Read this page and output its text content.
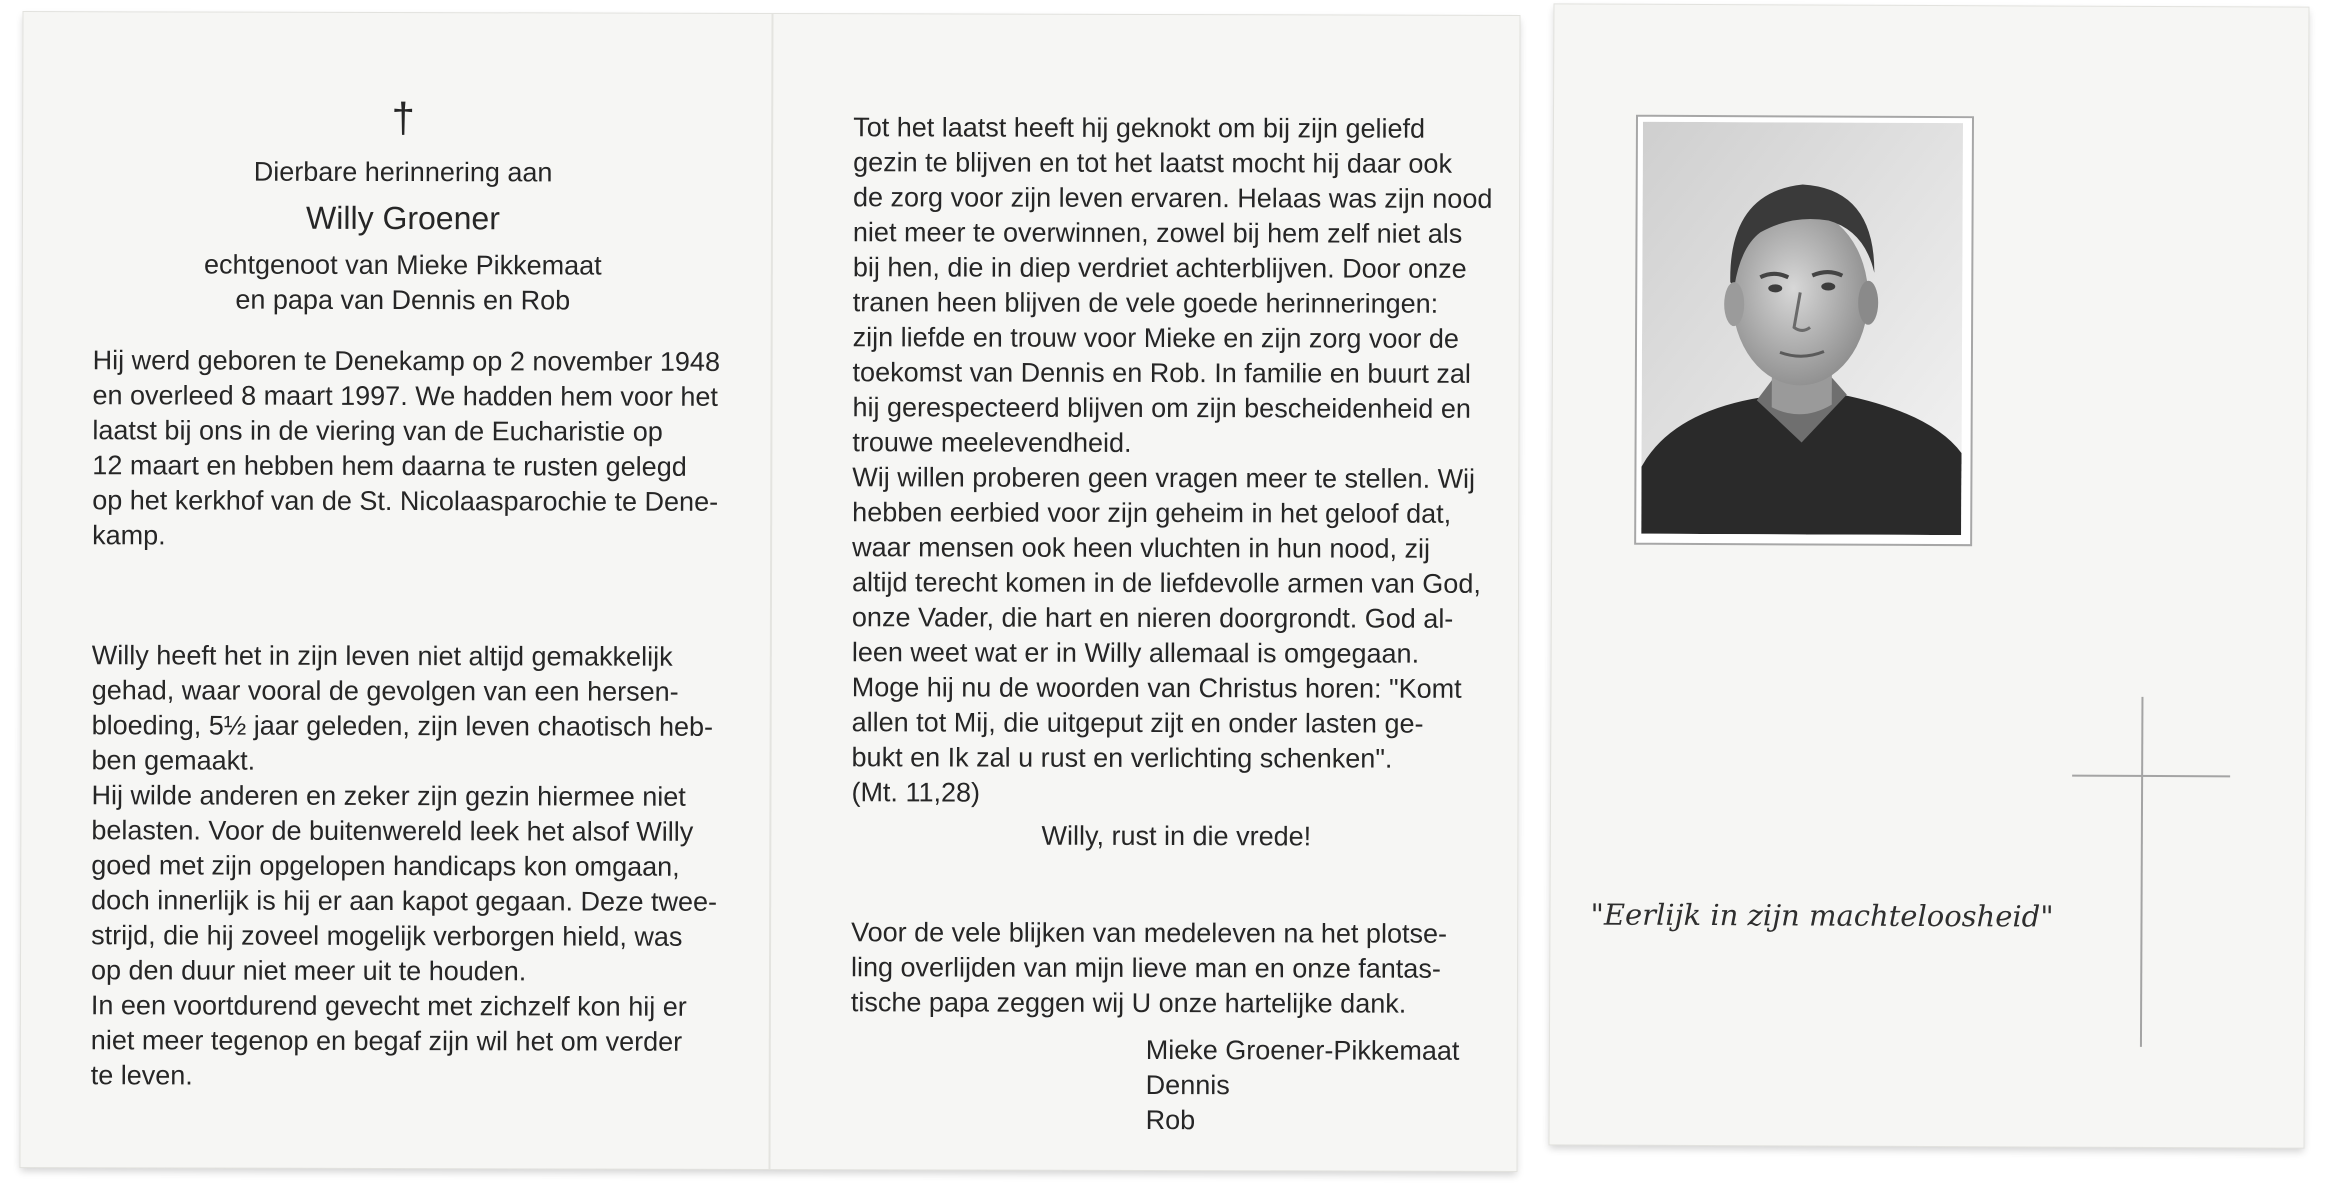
†
Dierbare herinnering aan
Willy Groener
echtgenoot van Mieke Pikkemaat
en papa van Dennis en Rob
Hij werd geboren te Denekamp op 2 november 1948
en overleed 8 maart 1997. We hadden hem voor het
laatst bij ons in de viering van de Eucharistie op
12 maart en hebben hem daarna te rusten gelegd
op het kerkhof van de St. Nicolaasparochie te Dene-
kamp.
Willy heeft het in zijn leven niet altijd gemakkelijk
gehad, waar vooral de gevolgen van een hersen-
bloeding, 5½ jaar geleden, zijn leven chaotisch heb-
ben gemaakt.
Hij wilde anderen en zeker zijn gezin hiermee niet
belasten. Voor de buitenwereld leek het alsof Willy
goed met zijn opgelopen handicaps kon omgaan,
doch innerlijk is hij er aan kapot gegaan. Deze twee-
strijd, die hij zoveel mogelijk verborgen hield, was
op den duur niet meer uit te houden.
In een voortdurend gevecht met zichzelf kon hij er
niet meer tegenop en begaf zijn wil het om verder
te leven.
Tot het laatst heeft hij geknokt om bij zijn geliefd
gezin te blijven en tot het laatst mocht hij daar ook
de zorg voor zijn leven ervaren. Helaas was zijn nood
niet meer te overwinnen, zowel bij hem zelf niet als
bij hen, die in diep verdriet achterblijven. Door onze
tranen heen blijven de vele goede herinneringen:
zijn liefde en trouw voor Mieke en zijn zorg voor de
toekomst van Dennis en Rob. In familie en buurt zal
hij gerespecteerd blijven om zijn bescheidenheid en
trouwe meelevendheid.
Wij willen proberen geen vragen meer te stellen. Wij
hebben eerbied voor zijn geheim in het geloof dat,
waar mensen ook heen vluchten in hun nood, zij
altijd terecht komen in de liefdevolle armen van God,
onze Vader, die hart en nieren doorgrondt. God al-
leen weet wat er in Willy allemaal is omgegaan.
Moge hij nu de woorden van Christus horen: "Komt
allen tot Mij, die uitgeput zijt en onder lasten ge-
bukt en Ik zal u rust en verlichting schenken".
(Mt. 11,28)
Willy, rust in die vrede!
Voor de vele blijken van medeleven na het plotse-
ling overlijden van mijn lieve man en onze fantas-
tische papa zeggen wij U onze hartelijke dank.
Mieke Groener-Pikkemaat
Dennis
Rob
"Eerlijk in zijn machteloosheid"
